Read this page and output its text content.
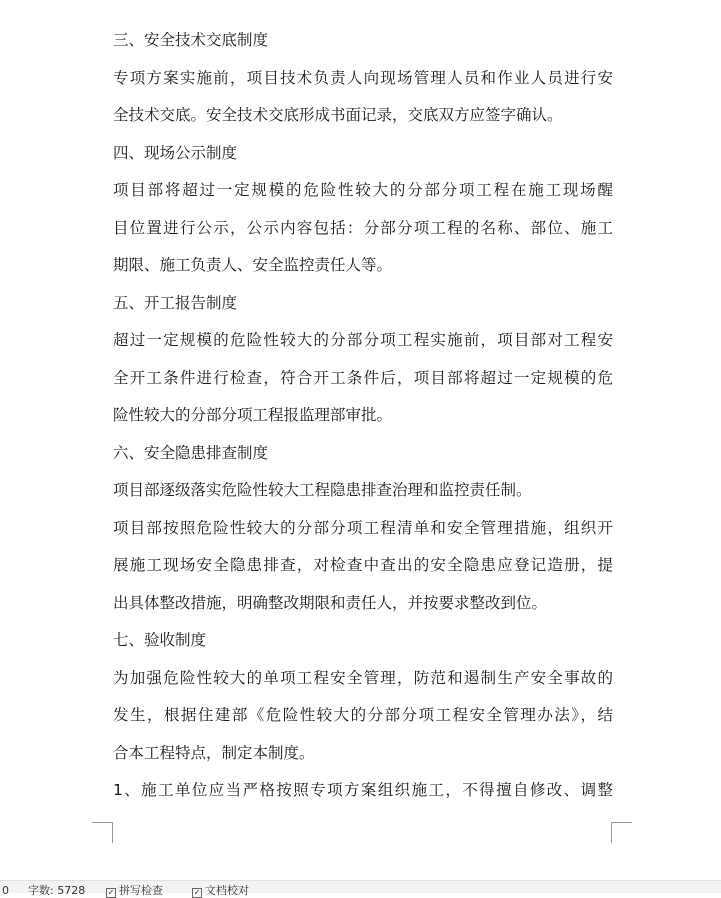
三、安全技术交底制度
专项方案实施前，项目技术负责人向现场管理人员和作业人员进行安
全技术交底。安全技术交底形成书面记录，交底双方应签字确认。
四、现场公示制度
项目部将超过一定规模的危险性较大的分部分项工程在施工现场醒
目位置进行公示，公示内容包括：分部分项工程的名称、部位、施工
期限、施工负责人、安全监控责任人等。
五、开工报告制度
超过一定规模的危险性较大的分部分项工程实施前，项目部对工程安
全开工条件进行检查，符合开工条件后，项目部将超过一定规模的危
险性较大的分部分项工程报监理部审批。
六、安全隐患排查制度
项目部逐级落实危险性较大工程隐患排查治理和监控责任制。
项目部按照危险性较大的分部分项工程清单和安全管理措施，组织开
展施工现场安全隐患排查，对检查中查出的安全隐患应登记造册，提
出具体整改措施，明确整改期限和责任人，并按要求整改到位。
七、验收制度
为加强危险性较大的单项工程安全管理，防范和遏制生产安全事故的
发生，根据住建部《危险性较大的分部分项工程安全管理办法》，结
合本工程特点，制定本制度。
1、施工单位应当严格按照专项方案组织施工，不得擅自修改、调整
0 字数: 5728	✓ 拼写检查	✓ 文档校对
